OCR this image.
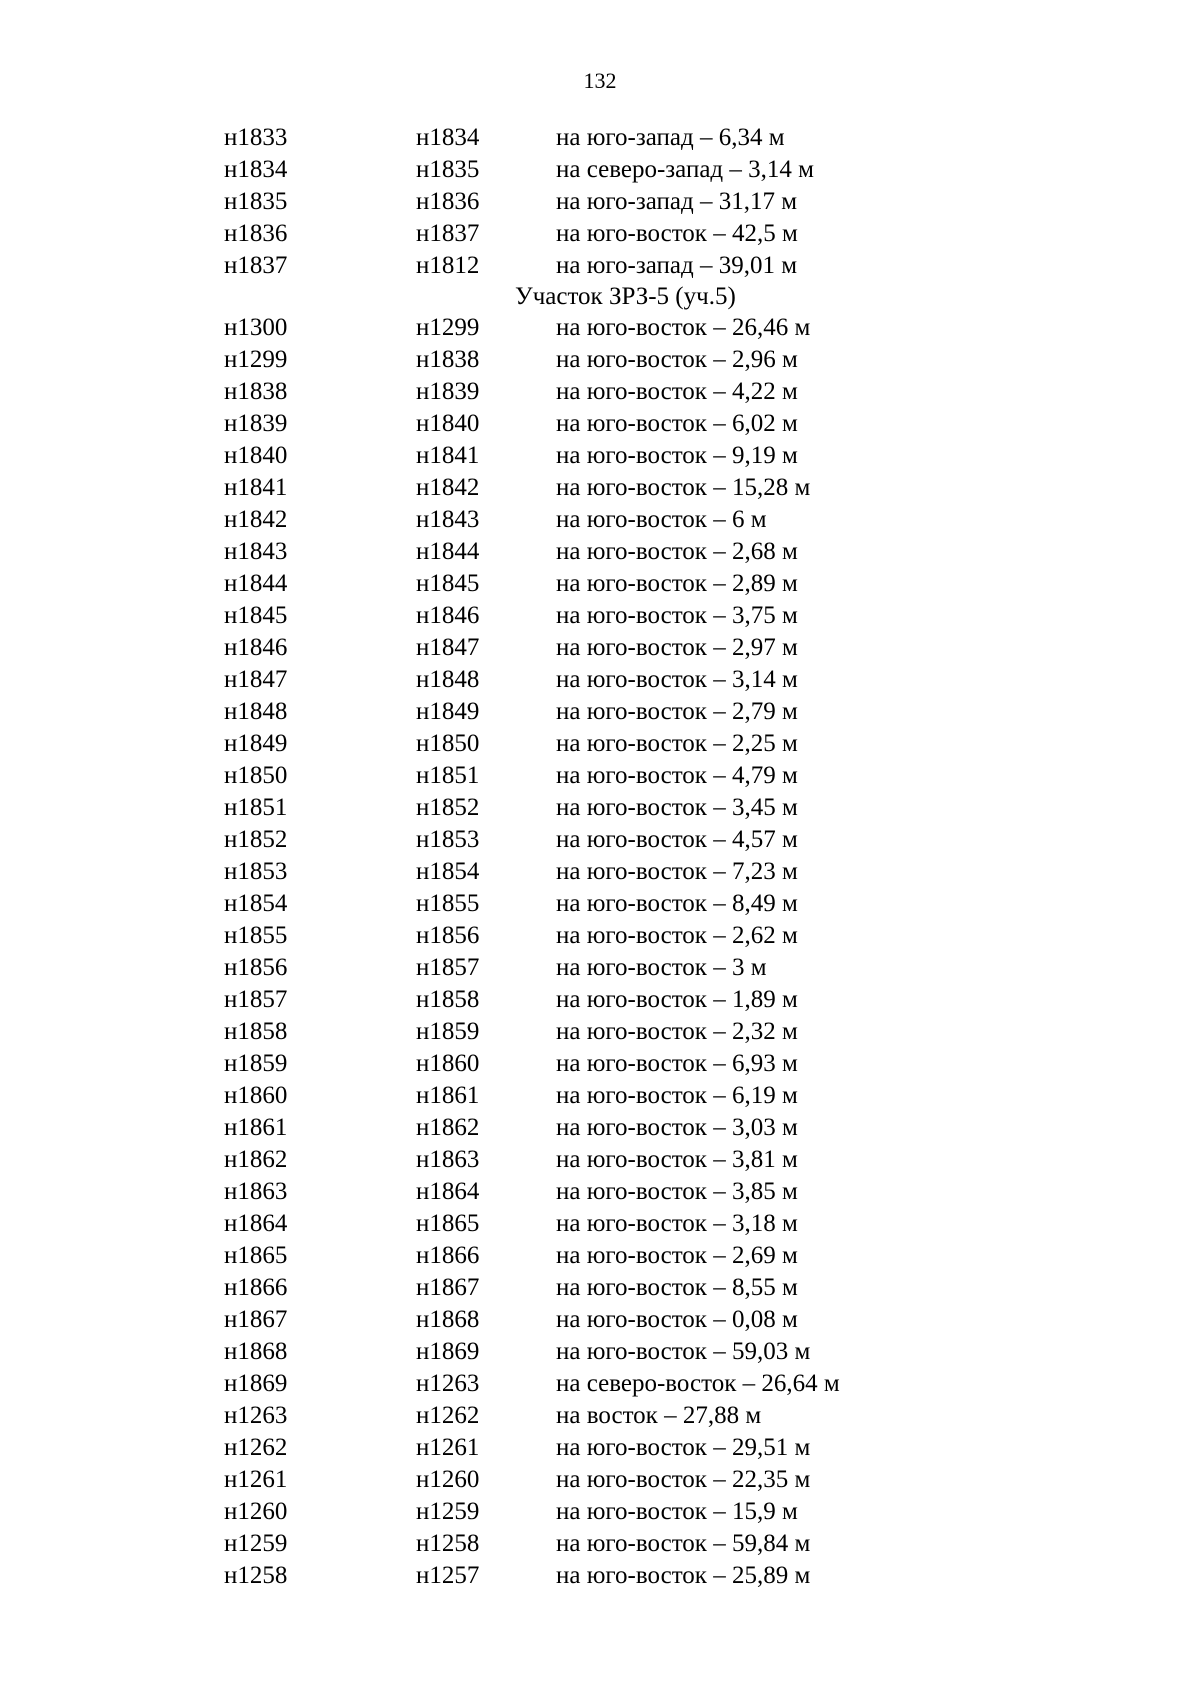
132
н1833	н1834	на юго-запад – 6,34 м
н1834	н1835	на северо-запад – 3,14 м
н1835	н1836	на юго-запад – 31,17 м
н1836	н1837	на юго-восток – 42,5 м
н1837	н1812	на юго-запад – 39,01 м
Участок ЗРЗ-5 (уч.5)
н1300	н1299	на юго-восток – 26,46 м
н1299	н1838	на юго-восток – 2,96 м
н1838	н1839	на юго-восток – 4,22 м
н1839	н1840	на юго-восток – 6,02 м
н1840	н1841	на юго-восток – 9,19 м
н1841	н1842	на юго-восток – 15,28 м
н1842	н1843	на юго-восток – 6 м
н1843	н1844	на юго-восток – 2,68 м
н1844	н1845	на юго-восток – 2,89 м
н1845	н1846	на юго-восток – 3,75 м
н1846	н1847	на юго-восток – 2,97 м
н1847	н1848	на юго-восток – 3,14 м
н1848	н1849	на юго-восток – 2,79 м
н1849	н1850	на юго-восток – 2,25 м
н1850	н1851	на юго-восток – 4,79 м
н1851	н1852	на юго-восток – 3,45 м
н1852	н1853	на юго-восток – 4,57 м
н1853	н1854	на юго-восток – 7,23 м
н1854	н1855	на юго-восток – 8,49 м
н1855	н1856	на юго-восток – 2,62 м
н1856	н1857	на юго-восток – 3 м
н1857	н1858	на юго-восток – 1,89 м
н1858	н1859	на юго-восток – 2,32 м
н1859	н1860	на юго-восток – 6,93 м
н1860	н1861	на юго-восток – 6,19 м
н1861	н1862	на юго-восток – 3,03 м
н1862	н1863	на юго-восток – 3,81 м
н1863	н1864	на юго-восток – 3,85 м
н1864	н1865	на юго-восток – 3,18 м
н1865	н1866	на юго-восток – 2,69 м
н1866	н1867	на юго-восток – 8,55 м
н1867	н1868	на юго-восток – 0,08 м
н1868	н1869	на юго-восток – 59,03 м
н1869	н1263	на северо-восток – 26,64 м
н1263	н1262	на восток – 27,88 м
н1262	н1261	на юго-восток – 29,51 м
н1261	н1260	на юго-восток – 22,35 м
н1260	н1259	на юго-восток – 15,9 м
н1259	н1258	на юго-восток – 59,84 м
н1258	н1257	на юго-восток – 25,89 м
